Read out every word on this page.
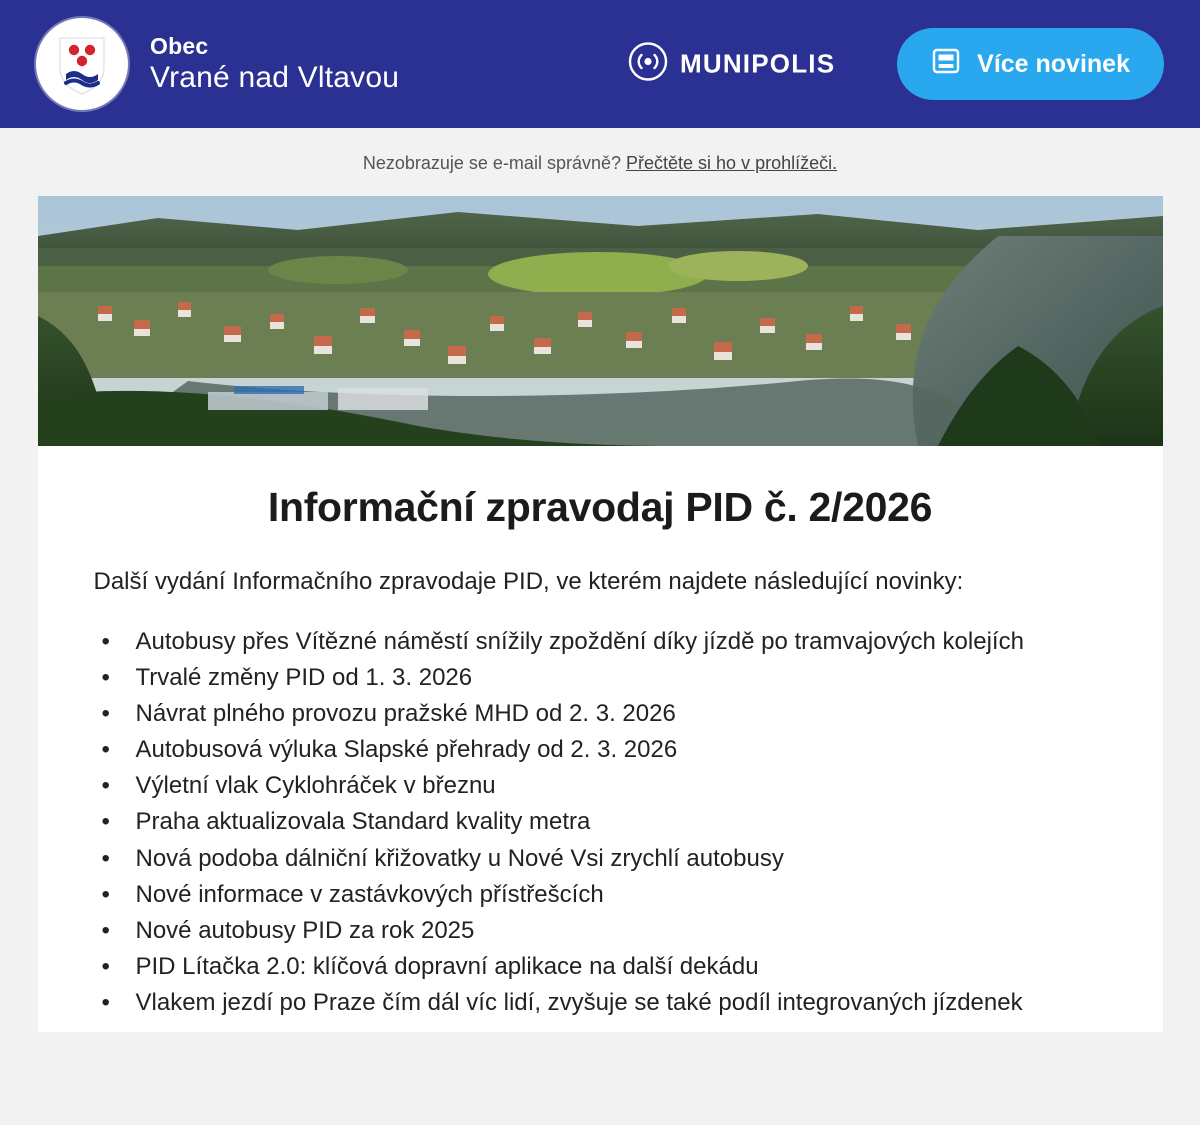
Obec
Vrané nad Vltavou	MUNIPOLIS	Více novinek
Nezobrazuje se e-mail správně? Přečtěte si ho v prohlížeči.
Informační zpravodaj PID č. 2/2026

Další vydání Informačního zpravodaje PID, ve kterém najdete následující novinky:

• Autobusy přes Vítězné náměstí snížily zpoždění díky jízdě po tramvajových kolejích
• Trvalé změny PID od 1. 3. 2026
• Návrat plného provozu pražské MHD od 2. 3. 2026
• Autobusová výluka Slapské přehrady od 2. 3. 2026
• Výletní vlak Cyklohráček v březnu
• Praha aktualizovala Standard kvality metra
• Nová podoba dálniční křižovatky u Nové Vsi zrychlí autobusy
• Nové informace v zastávkových přístřešcích
• Nové autobusy PID za rok 2025
• PID Lítačka 2.0: klíčová dopravní aplikace na další dekádu
• Vlakem jezdí po Praze čím dál víc lidí, zvyšuje se také podíl integrovaných jízdenek
